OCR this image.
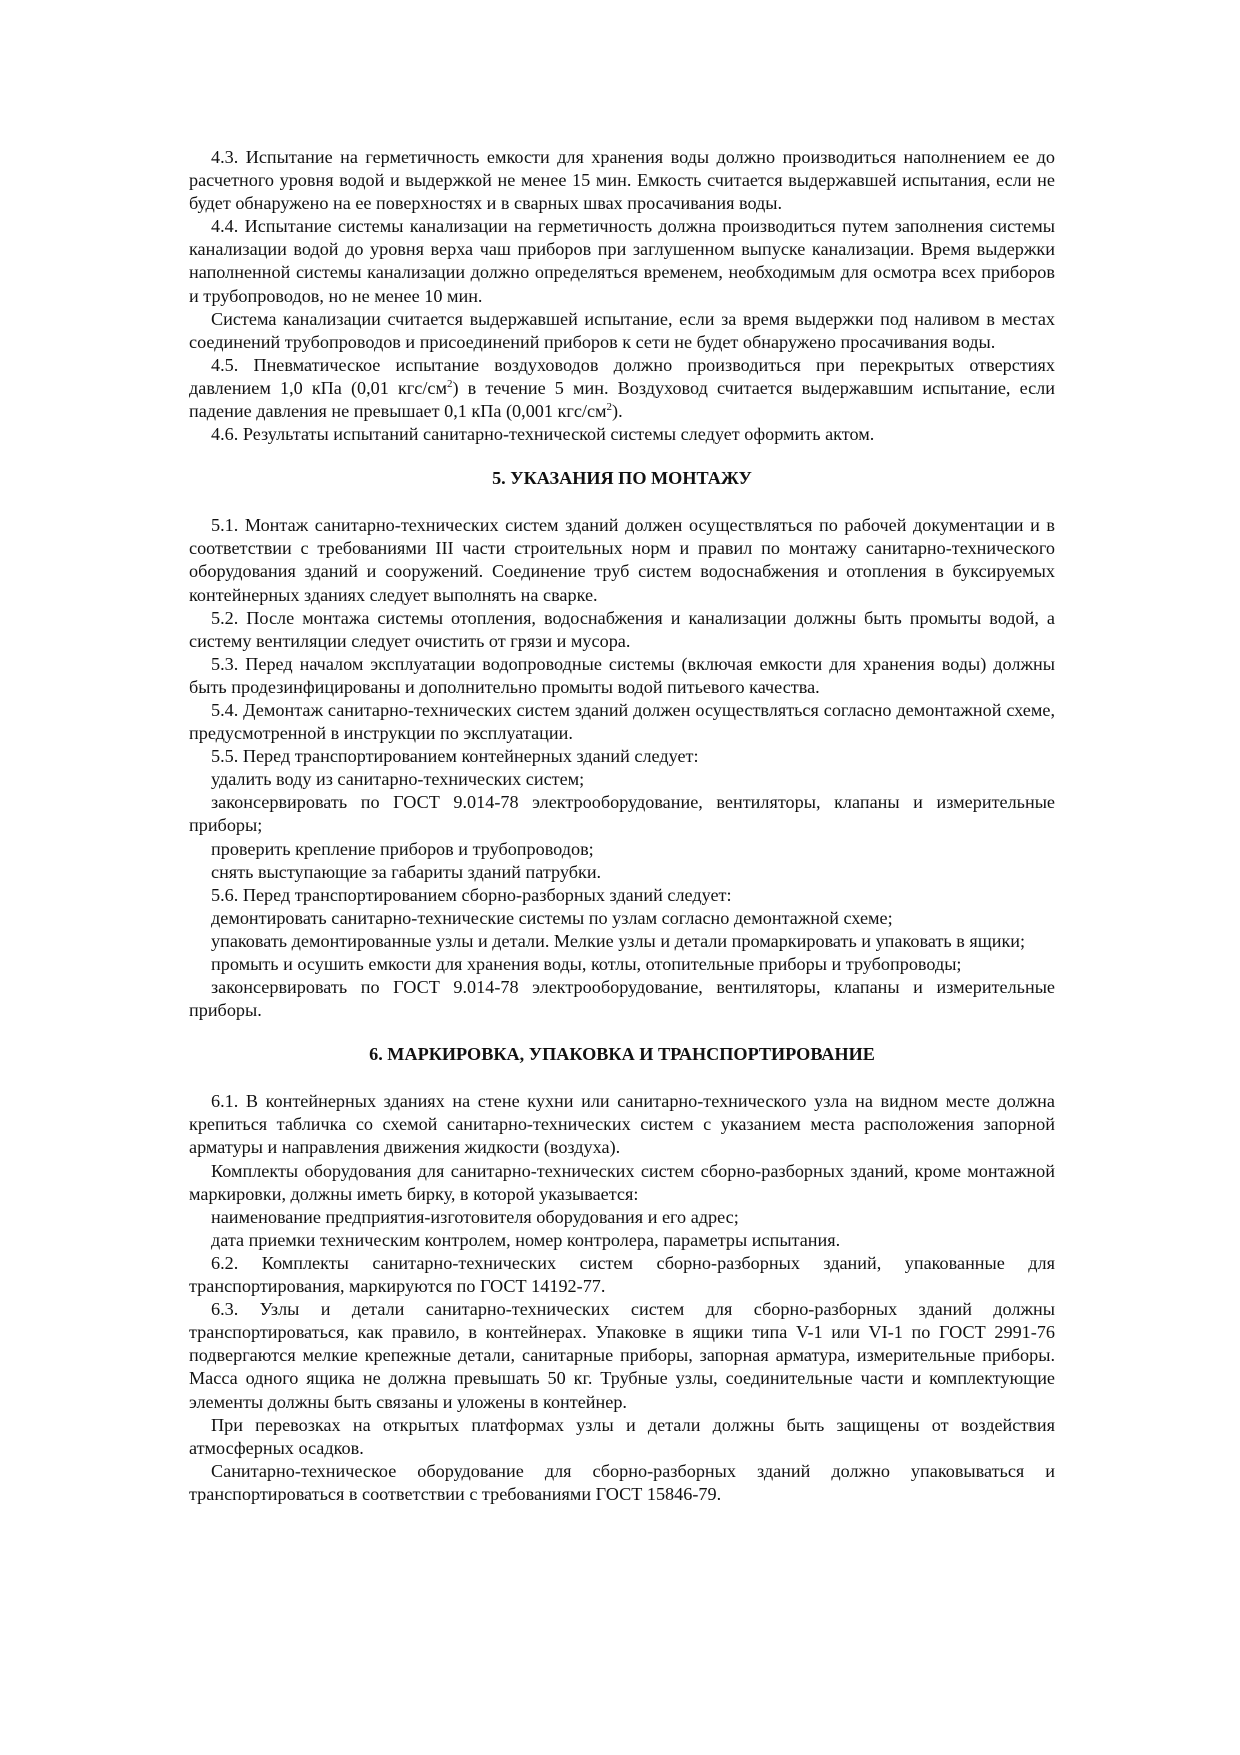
4.3. Испытание на герметичность емкости для хранения воды должно производиться наполнением ее до расчетного уровня водой и выдержкой не менее 15 мин. Емкость считается выдержавшей испытания, если не будет обнаружено на ее поверхностях и в сварных швах просачивания воды.

4.4. Испытание системы канализации на герметичность должна производиться путем заполнения системы канализации водой до уровня верха чаш приборов при заглушенном выпуске канализации. Время выдержки наполненной системы канализации должно определяться временем, необходимым для осмотра всех приборов и трубопроводов, но не менее 10 мин.

Система канализации считается выдержавшей испытание, если за время выдержки под наливом в местах соединений трубопроводов и присоединений приборов к сети не будет обнаружено просачивания воды.

4.5. Пневматическое испытание воздуховодов должно производиться при перекрытых отверстиях давлением 1,0 кПа (0,01 кгс/$см^2$) в течение 5 мин. Воздуховод считается выдержавшим испытание, если падение давления не превышает 0,1 кПа (0,001 кгс/$см^2$).

4.6. Результаты испытаний санитарно-технической системы следует оформить актом.

5. УКАЗАНИЯ ПО МОНТАЖУ

5.1. Монтаж санитарно-технических систем зданий должен осуществляться по рабочей документации и в соответствии с требованиями III части строительных норм и правил по монтажу санитарно-технического оборудования зданий и сооружений. Соединение труб систем водоснабжения и отопления в буксируемых контейнерных зданиях следует выполнять на сварке.

5.2. После монтажа системы отопления, водоснабжения и канализации должны быть промыты водой, а систему вентиляции следует очистить от грязи и мусора.

5.3. Перед началом эксплуатации водопроводные системы (включая емкости для хранения воды) должны быть продезинфицированы и дополнительно промыты водой питьевого качества.

5.4. Демонтаж санитарно-технических систем зданий должен осуществляться согласно демонтажной схеме, предусмотренной в инструкции по эксплуатации.

5.5. Перед транспортированием контейнерных зданий следует:

удалить воду из санитарно-технических систем;

законсервировать по ГОСТ 9.014-78 электрооборудование, вентиляторы, клапаны и измерительные приборы;

проверить крепление приборов и трубопроводов;

снять выступающие за габариты зданий патрубки.

5.6. Перед транспортированием сборно-разборных зданий следует:

демонтировать санитарно-технические системы по узлам согласно демонтажной схеме;

упаковать демонтированные узлы и детали. Мелкие узлы и детали промаркировать и упаковать в ящики;

промыть и осушить емкости для хранения воды, котлы, отопительные приборы и трубопроводы;

законсервировать по ГОСТ 9.014-78 электрооборудование, вентиляторы, клапаны и измерительные приборы.

6. МАРКИРОВКА, УПАКОВКА И ТРАНСПОРТИРОВАНИЕ

6.1. В контейнерных зданиях на стене кухни или санитарно-технического узла на видном месте должна крепиться табличка со схемой санитарно-технических систем с указанием места расположения запорной арматуры и направления движения жидкости (воздуха).

Комплекты оборудования для санитарно-технических систем сборно-разборных зданий, кроме монтажной маркировки, должны иметь бирку, в которой указывается:

наименование предприятия-изготовителя оборудования и его адрес;

дата приемки техническим контролем, номер контролера, параметры испытания.

6.2. Комплекты санитарно-технических систем сборно-разборных зданий, упакованные для транспортирования, маркируются по ГОСТ 14192-77.

6.3. Узлы и детали санитарно-технических систем для сборно-разборных зданий должны транспортироваться, как правило, в контейнерах. Упаковке в ящики типа V-1 или VI-1 по ГОСТ 2991-76 подвергаются мелкие крепежные детали, санитарные приборы, запорная арматура, измерительные приборы. Масса одного ящика не должна превышать 50 кг. Трубные узлы, соединительные части и комплектующие элементы должны быть связаны и уложены в контейнер.

При перевозках на открытых платформах узлы и детали должны быть защищены от воздействия атмосферных осадков.

Санитарно-техническое оборудование для сборно-разборных зданий должно упаковываться и транспортироваться в соответствии с требованиями ГОСТ 15846-79.
